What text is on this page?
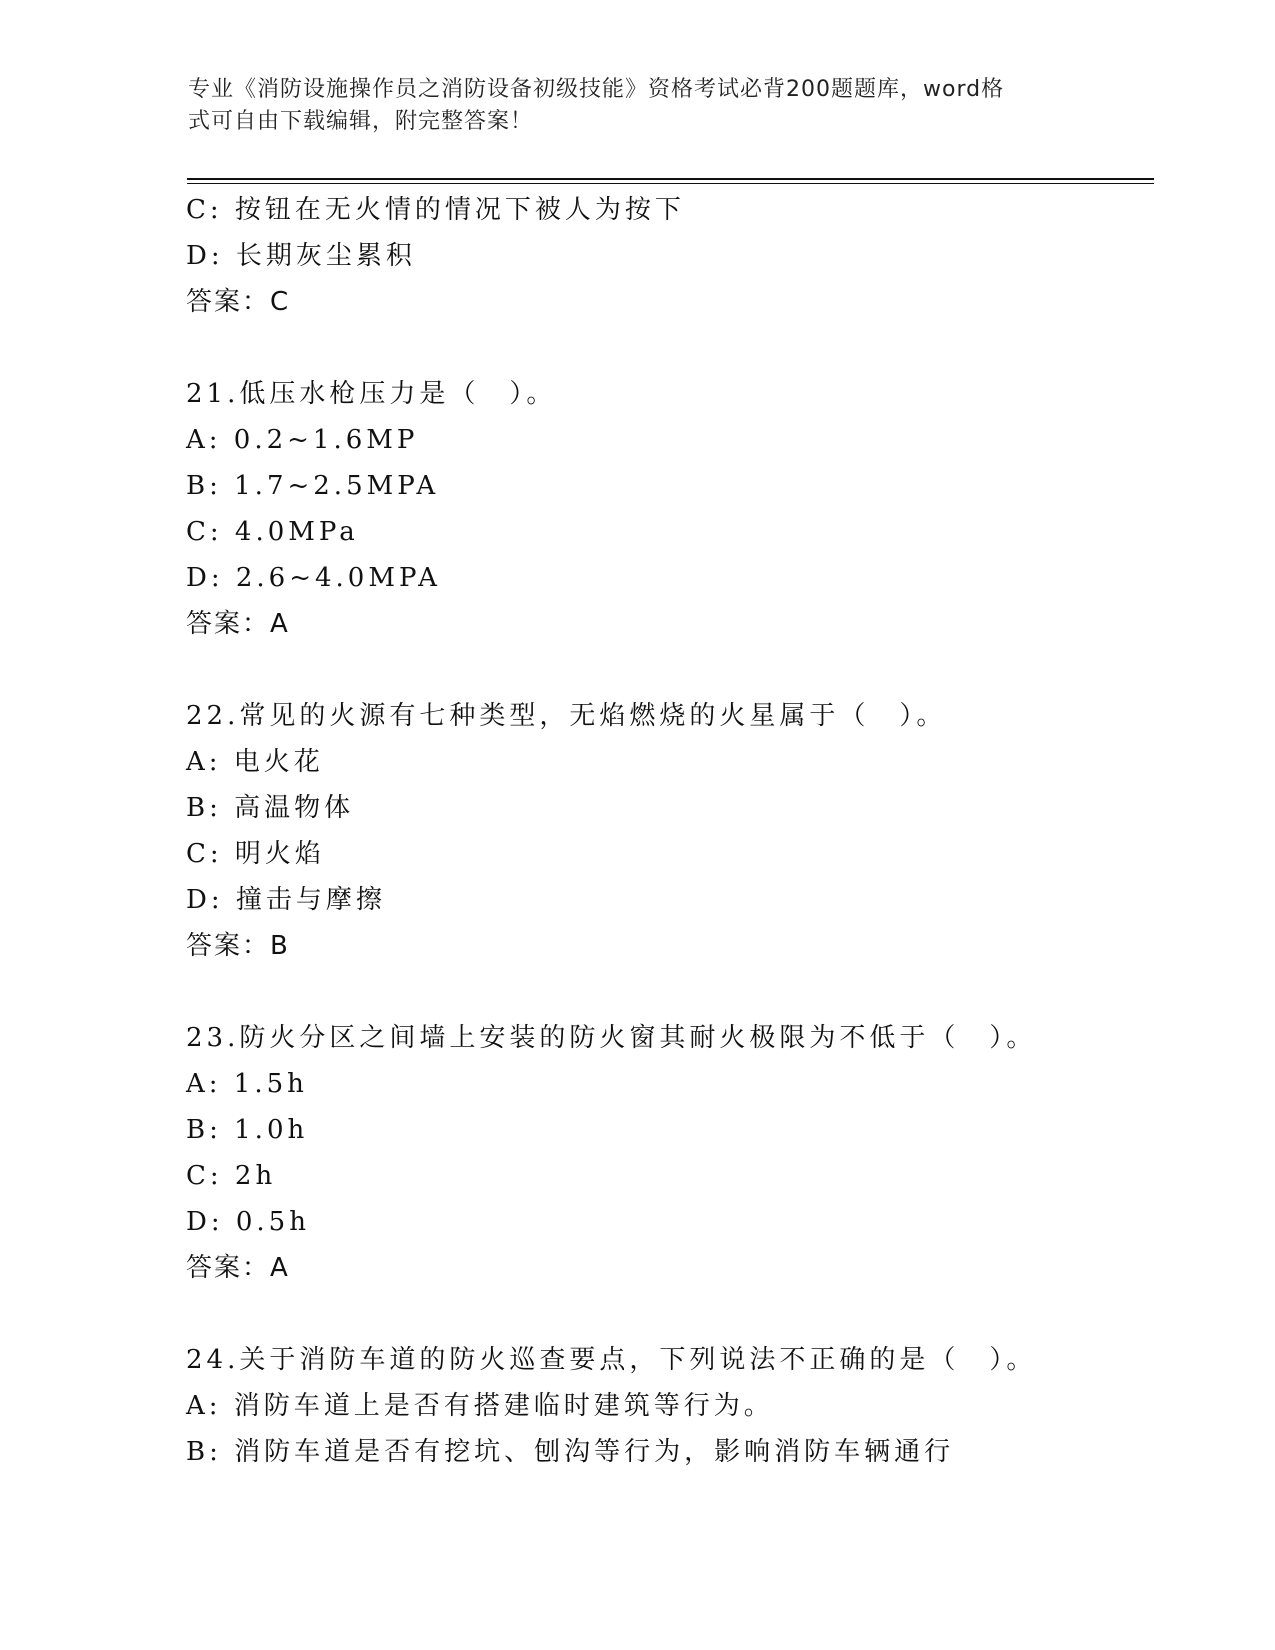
专业《消防设施操作员之消防设备初级技能》资格考试必背200题题库，word格
式可自由下载编辑，附完整答案！
C: 按钮在无火情的情况下被人为按下
D: 长期灰尘累积
答案：C
21.低压水枪压力是（　）。
A: 0.2~1.6MP
B: 1.7~2.5MPA
C: 4.0MPa
D: 2.6~4.0MPA
答案：A
22.常见的火源有七种类型，无焰燃烧的火星属于（　）。
A: 电火花
B: 高温物体
C: 明火焰
D: 撞击与摩擦
答案：B
23.防火分区之间墙上安装的防火窗其耐火极限为不低于（　）。
A: 1.5h
B: 1.0h
C: 2h
D: 0.5h
答案：A
24.关于消防车道的防火巡查要点，下列说法不正确的是（　）。
A: 消防车道上是否有搭建临时建筑等行为。
B: 消防车道是否有挖坑、刨沟等行为，影响消防车辆通行
